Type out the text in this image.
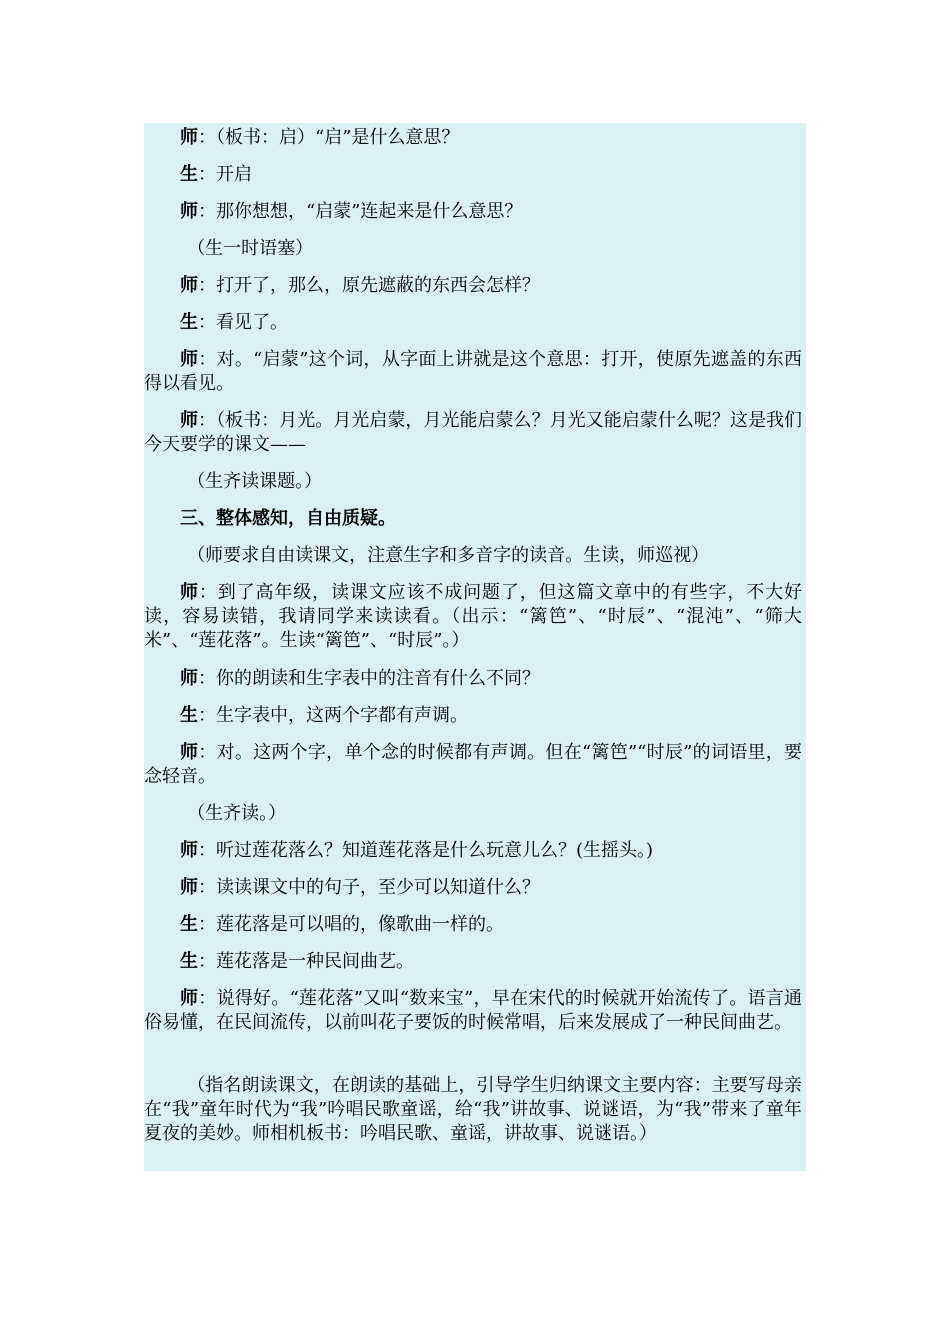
师：（板书：启）“启”是什么意思？

生：开启

师：那你想想，“启蒙”连起来是什么意思？

（生一时语塞）

师：打开了，那么，原先遮蔽的东西会怎样？

生：看见了。

师：对。“启蒙”这个词，从字面上讲就是这个意思：打开，使原先遮盖的东西得以看见。

师：（板书：月光。月光启蒙，月光能启蒙么？月光又能启蒙什么呢？这是我们今天要学的课文——

（生齐读课题。）

三、整体感知，自由质疑。

（师要求自由读课文，注意生字和多音字的读音。生读，师巡视）

师：到了高年级，读课文应该不成问题了，但这篇文章中的有些字，不大好读，容易读错，我请同学来读读看。（出示：“篱笆”、“时辰”、“混沌”、“筛大米”、“莲花落”。生读“篱笆”、“时辰”。）

师：你的朗读和生字表中的注音有什么不同？

生：生字表中，这两个字都有声调。

师：对。这两个字，单个念的时候都有声调。但在“篱笆”“时辰”的词语里，要念轻音。

（生齐读。）

师：听过莲花落么？知道莲花落是什么玩意儿么？(生摇头。)

师：读读课文中的句子，至少可以知道什么？

生：莲花落是可以唱的，像歌曲一样的。

生：莲花落是一种民间曲艺。

师：说得好。“莲花落”又叫“数来宝”，早在宋代的时候就开始流传了。语言通俗易懂，在民间流传，以前叫花子要饭的时候常唱，后来发展成了一种民间曲艺。

（指名朗读课文，在朗读的基础上，引导学生归纳课文主要内容：主要写母亲在“我”童年时代为“我”吟唱民歌童谣，给“我”讲故事、说谜语，为“我”带来了童年夏夜的美妙。师相机板书：吟唱民歌、童谣，讲故事、说谜语。）
